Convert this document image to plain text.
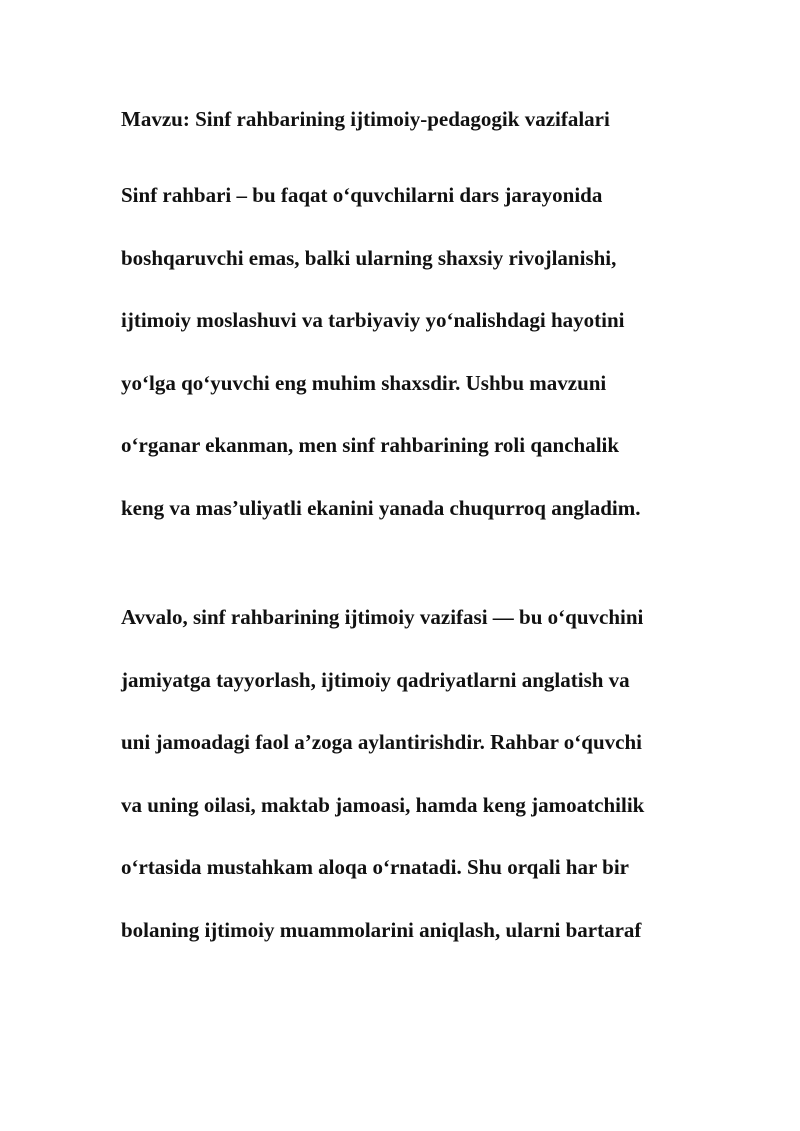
Mavzu: Sinf rahbarining ijtimoiy-pedagogik vazifalari
Sinf rahbari – bu faqat o‘quvchilarni dars jarayonida
boshqaruvchi emas, balki ularning shaxsiy rivojlanishi,
ijtimoiy moslashuvi va tarbiyaviy yo‘nalishdagi hayotini
yo‘lga qo‘yuvchi eng muhim shaxsdir. Ushbu mavzuni
o‘rganar ekanman, men sinf rahbarining roli qanchalik
keng va mas’uliyatli ekanini yanada chuqurroq angladim.
Avvalo, sinf rahbarining ijtimoiy vazifasi — bu o‘quvchini
jamiyatga tayyorlash, ijtimoiy qadriyatlarni anglatish va
uni jamoadagi faol a’zoga aylantirishdir. Rahbar o‘quvchi
va uning oilasi, maktab jamoasi, hamda keng jamoatchilik
o‘rtasida mustahkam aloqa o‘rnatadi. Shu orqali har bir
bolaning ijtimoiy muammolarini aniqlash, ularni bartaraf
